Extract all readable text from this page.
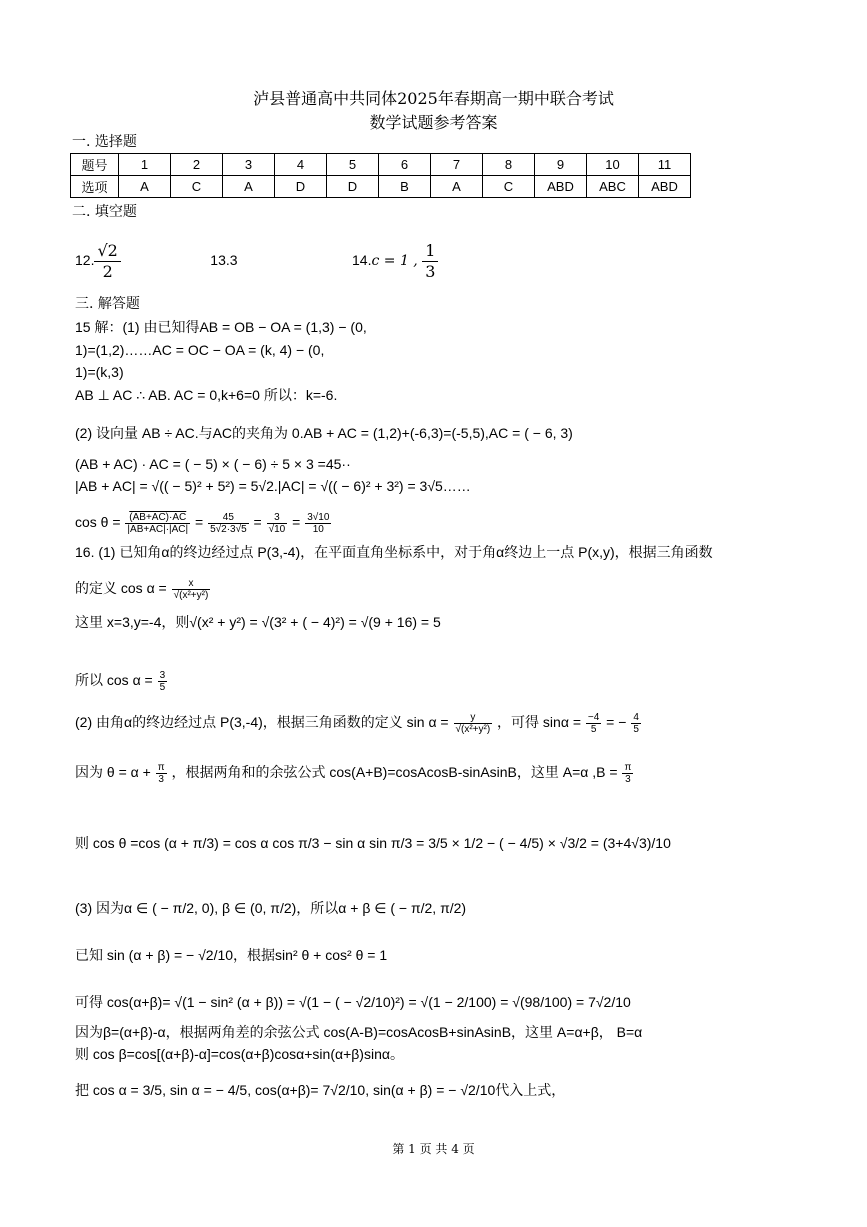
泸县普通高中共同体2025年春期高一期中联合考试
数学试题参考答案
一. 选择题
题号	1	2	3	4	5	6	7	8	9	10	11
选项	A	C	A	D	D	B	A	C	ABD	ABC	ABD
二. 填空题
12. $\frac{√2}{2}$	13.3	14.c = 1 , $\frac{1}{3}$
三. 解答题
15 解：(1) 由已知得AB = OB − OA = (1,3) − (0,
1)=(1,2)……AC = OC − OA = (k, 4) − (0,
1)=(k,3)
AB ⊥ AC ∴ AB. AC = 0,k+6=0 所以：k=-6.
(2) 设向量 AB ÷ AC.与AC的夹角为 0.AB + AC = (1,2)+(-6,3)=(-5,5),AC = ( − 6, 3)
(AB + AC) · AC = ( − 5) × ( − 6) ÷ 5 × 3 =45··
|AB + AC| = √(( − 5)² + 5²) = 5√2.|AC| = √(( − 6)² + 3²) = 3√5……
$\cos \theta = \frac{(AB+AC)\cdot AC}{|AB+AC|\cdot|AC|} = \frac{45}{5√2\cdot 3√5} = \frac{3}{√10} = \frac{3√10}{10}$
16. (1) 已知角α的终边经过点 P(3,-4)，在平面直角坐标系中，对于角α终边上一点 P(x,y)，根据三角函数
的定义 $\cos \alpha = \frac{x}{\text{√(x²+y²)}}$
这里 x=3,y=-4，则√(x² + y²) = √(3² + ( − 4)²) = √(9 + 16) = 5
所以 $\cos \alpha = \frac{3}{5}$
(2) 由角α的终边经过点 P(3,-4)，根据三角函数的定义 $\sin \alpha = \frac{y}{\text{√(x²+y²)}}$ ，可得 $\sin\alpha = \frac{-4}{5}$ = − $\frac{4}{5}$
因为 $\theta = \alpha + \frac{\pi}{3}$ ，根据两角和的余弦公式 cos(A+B)=cosAcosB-sinAsinB，这里 A=α $,B = \frac{\pi}{3}$
则 cos θ =cos (α + π/3) = cos α cos π/3 − sin α sin π/3 = 3/5 × 1/2 − ( − 4/5) × √3/2 = (3+4√3)/10
(3) 因为α ∈ ( − π/2, 0), β ∈ (0, π/2)，所以α + β ∈ ( − π/2, π/2)
已知 sin (α + β) = − √2/10，根据sin² θ + cos² θ = 1
可得 cos(α+β)= √(1 − sin² (α + β)) = √(1 − ( − √2/10)²) = √(1 − 2/100) = √(98/100) = 7√2/10
因为β=(α+β)-α，根据两角差的余弦公式 cos(A-B)=cosAcosB+sinAsinB，这里 A=α+β， B=α
则 cos β=cos[(α+β)-α]=cos(α+β)cosα+sin(α+β)sinα。
把 cos α = 3/5, sin α = − 4/5, cos(α+β)= 7√2/10, sin(α + β) = − √2/10代入上式，
第 1 页 共 4 页
